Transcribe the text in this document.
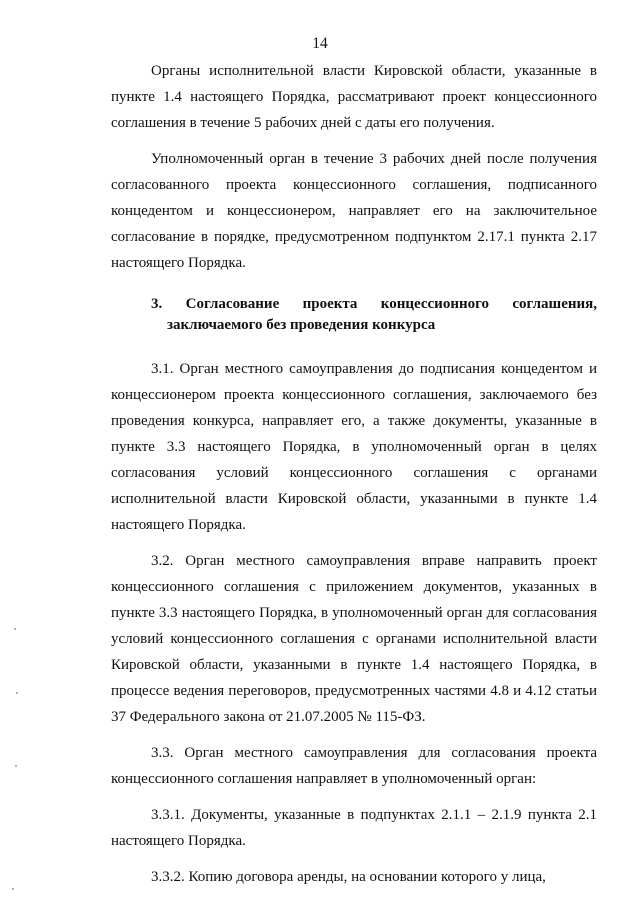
14

Органы исполнительной власти Кировской области, указанные в пункте 1.4 настоящего Порядка, рассматривают проект концессионного соглашения в течение 5 рабочих дней с даты его получения.

Уполномоченный орган в течение 3 рабочих дней после получения согласованного проекта концессионного соглашения, подписанного концедентом и концессионером, направляет его на заключительное согласование в порядке, предусмотренном подпунктом 2.17.1 пункта 2.17 настоящего Порядка.

3. Согласование проекта концессионного соглашения,
заключаемого без проведения конкурса

3.1. Орган местного самоуправления до подписания концедентом и концессионером проекта концессионного соглашения, заключаемого без проведения конкурса, направляет его, а также документы, указанные в пункте 3.3 настоящего Порядка, в уполномоченный орган в целях согласования условий концессионного соглашения с органами исполнительной власти Кировской области, указанными в пункте 1.4 настоящего Порядка.

3.2. Орган местного самоуправления вправе направить проект концессионного соглашения с приложением документов, указанных в пункте 3.3 настоящего Порядка, в уполномоченный орган для согласования условий концессионного соглашения с органами исполнительной власти Кировской области, указанными в пункте 1.4 настоящего Порядка, в процессе ведения переговоров, предусмотренных частями 4.8 и 4.12 статьи 37 Федерального закона от 21.07.2005 № 115-ФЗ.

3.3. Орган местного самоуправления для согласования проекта концессионного соглашения направляет в уполномоченный орган:

3.3.1. Документы, указанные в подпунктах 2.1.1 – 2.1.9 пункта 2.1 настоящего Порядка.

3.3.2. Копию договора аренды, на основании которого у лица,
